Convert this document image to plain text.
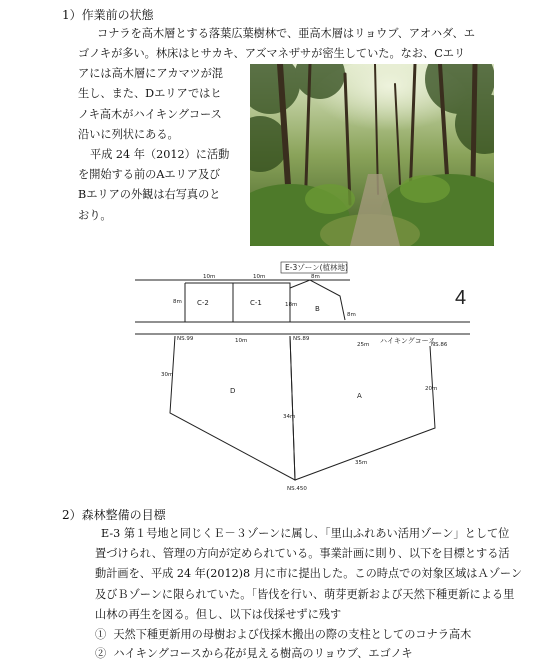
1）作業前の状態
コナラを高木層とする落葉広葉樹林で、亜高木層はリョウブ、アオハダ、エ
ゴノキが多い。林床はヒサカキ、アズマネザサが密生していた。なお、Cエリ
アには高木層にアカマツが混
生し、また、Dエリアではヒ
ノキ高木がハイキングコース
沿いに列状にある。
平成 24 年（2012）に活動
を開始する前のAエリア及び
Bエリアの外観は右写真のと
おり。
E-3ゾーン(植林地)
4
C-2	C-1
B
D
A
ハイキングコース
NS.99	NS.89
NS.86
NS.450
10m	10m	8m
10m
25m
30m
20m
35m
34m
8m	18m
8m
2）森林整備の目標
E-3 第１号地と同じくＥ－３ゾーンに属し、「里山ふれあい活用ゾーン」として位
置づけられ、管理の方向が定められている。事業計画に則り、以下を目標とする活
動計画を、平成 24 年(2012)8 月に市に提出した。この時点での対象区域はＡゾーン
及びＢゾーンに限られていた。「皆伐を行い、萌芽更新および天然下種更新による里
山林の再生を図る。但し、以下は伐採せずに残す
① 天然下種更新用の母樹および伐採木搬出の際の支柱としてのコナラ高木
② ハイキングコースから花が見える樹高のリョウブ、エゴノキ
